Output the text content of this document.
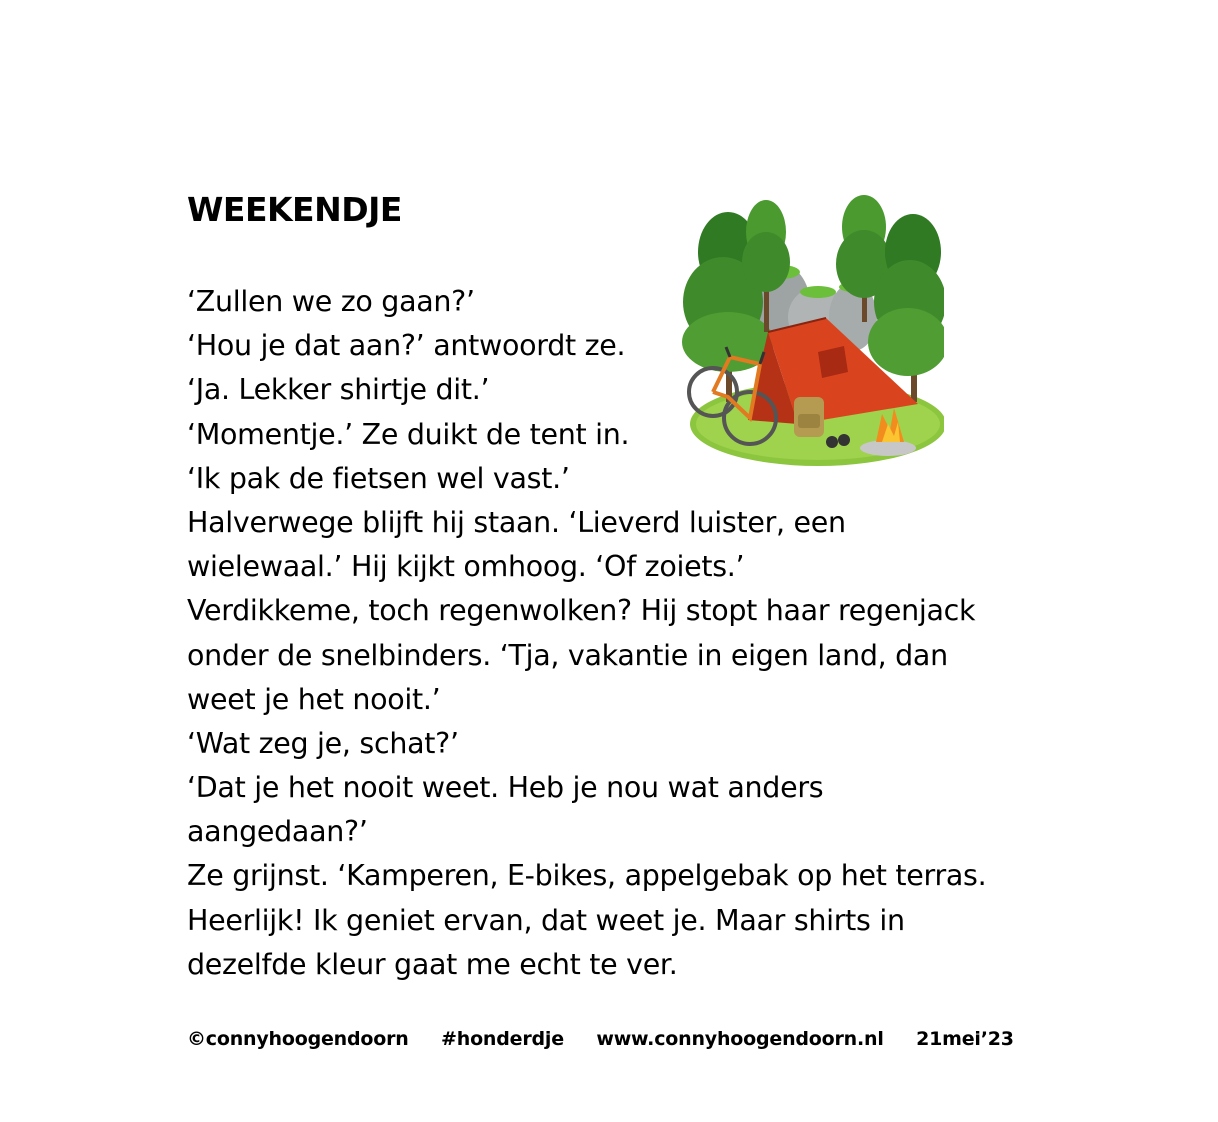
WEEKENDJE
‘Zullen we zo gaan?’
‘Hou je dat aan?’ antwoordt ze.
‘Ja. Lekker shirtje dit.’
‘Momentje.’ Ze duikt de tent in.
‘Ik pak de fietsen wel vast.’
Halverwege blijft hij staan. ‘Lieverd luister, een
wielewaal.’ Hij kijkt omhoog. ‘Of zoiets.’
Verdikkeme, toch regenwolken? Hij stopt haar regenjack
onder de snelbinders. ‘Tja, vakantie in eigen land, dan
weet je het nooit.’
‘Wat zeg je, schat?’
‘Dat je het nooit weet. Heb je nou wat anders
aangedaan?’
Ze grijnst. ‘Kamperen, E-bikes, appelgebak op het terras.
Heerlijk! Ik geniet ervan, dat weet je. Maar shirts in
dezelfde kleur gaat me echt te ver.
©connyhoogendoorn #honderdje www.connyhoogendoorn.nl 21mei’23
